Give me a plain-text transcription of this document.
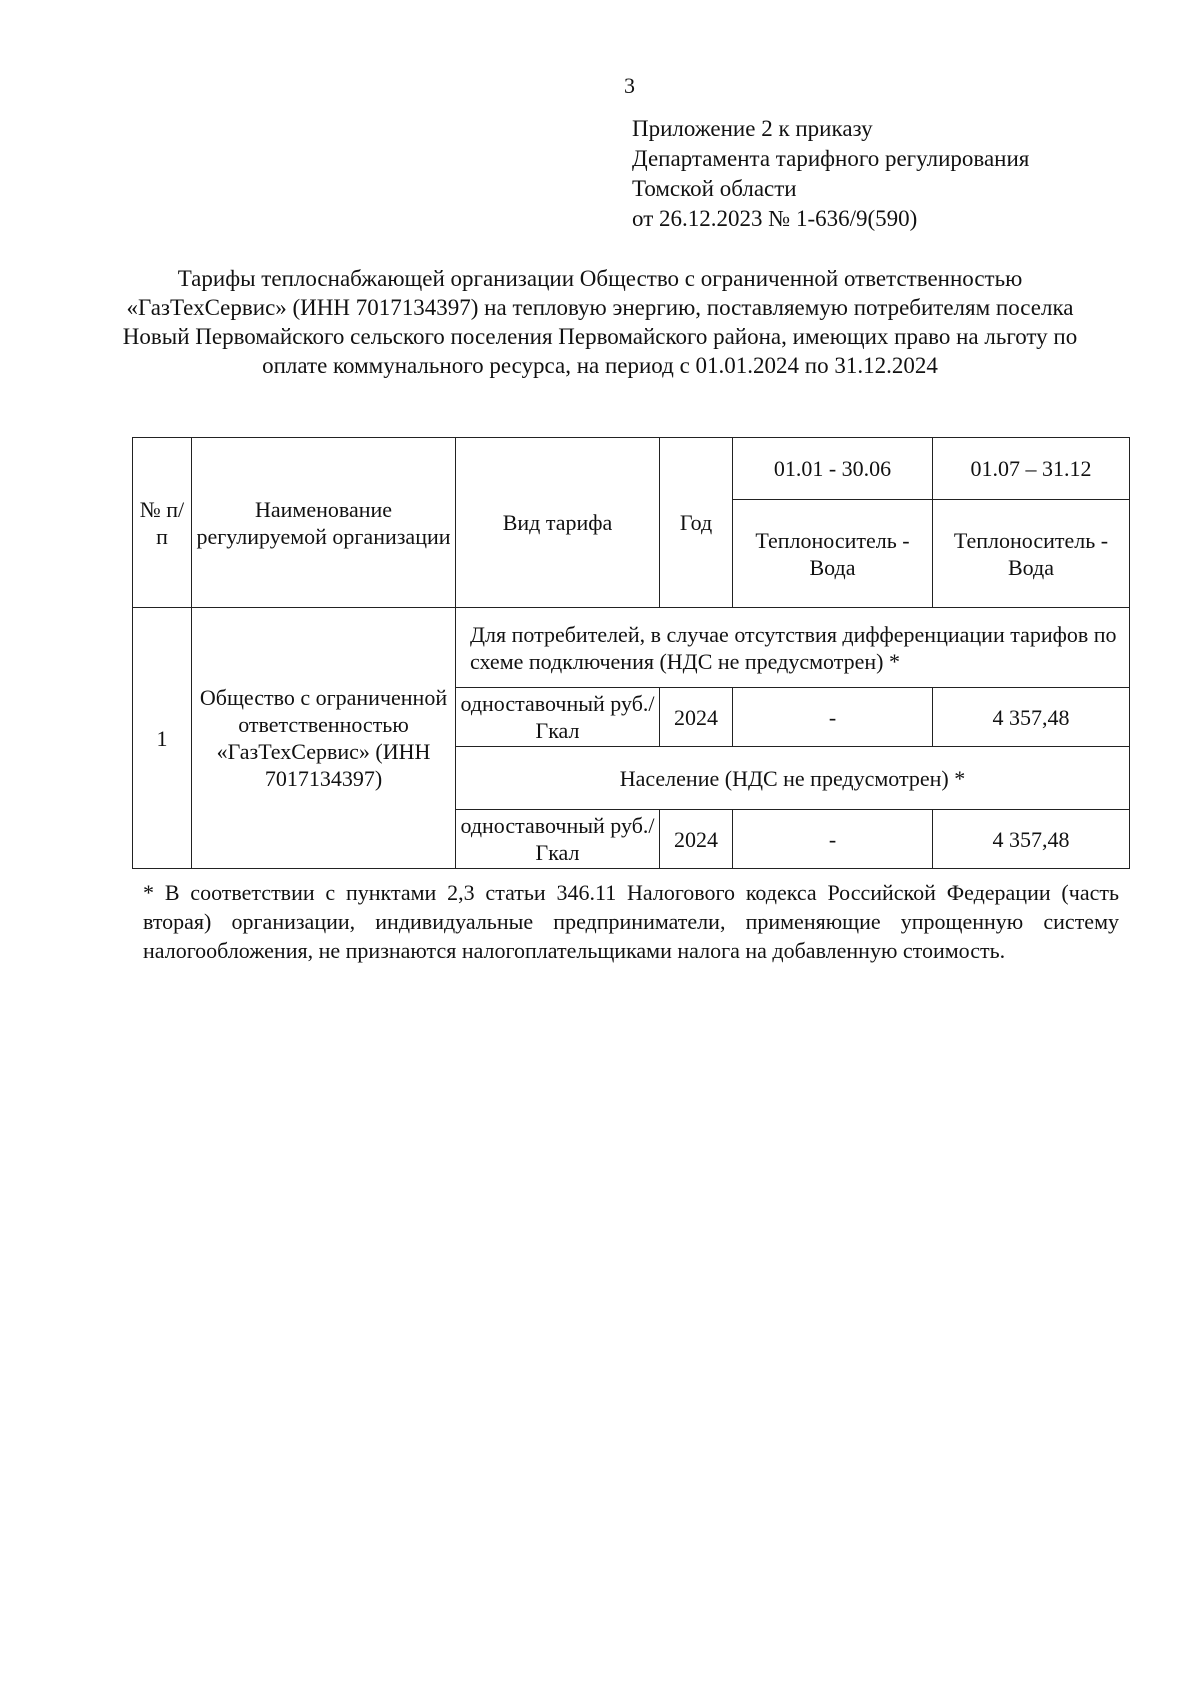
3
Приложение 2 к приказу
Департамента тарифного регулирования
Томской области
от 26.12.2023 № 1-636/9(590)
Тарифы теплоснабжающей организации Общество с ограниченной ответственностью «ГазТехСервис» (ИНН 7017134397) на тепловую энергию, поставляемую потребителям поселка Новый Первомайского сельского поселения Первомайского района, имеющих право на льготу по оплате коммунального ресурса, на период с 01.01.2024 по 31.12.2024
№ п/п	Наименование регулируемой организации	Вид тарифа	Год	01.01 - 30.06	01.07 – 31.12
				Теплоноситель - Вода	Теплоноситель - Вода
1	Общество с ограниченной ответственностью «ГазТехСервис» (ИНН 7017134397)	Для потребителей, в случае отсутствия дифференциации тарифов по схеме подключения (НДС не предусмотрен) *			
		одноставочный руб./Гкал	2024	-	4 357,48
		Население (НДС не предусмотрен) *			
		одноставочный руб./Гкал	2024	-	4 357,48
* В соответствии с пунктами 2,3 статьи 346.11 Налогового кодекса Российской Федерации (часть вторая) организации, индивидуальные предприниматели, применяющие упрощенную систему налогообложения, не признаются налогоплательщиками налога на добавленную стоимость.
